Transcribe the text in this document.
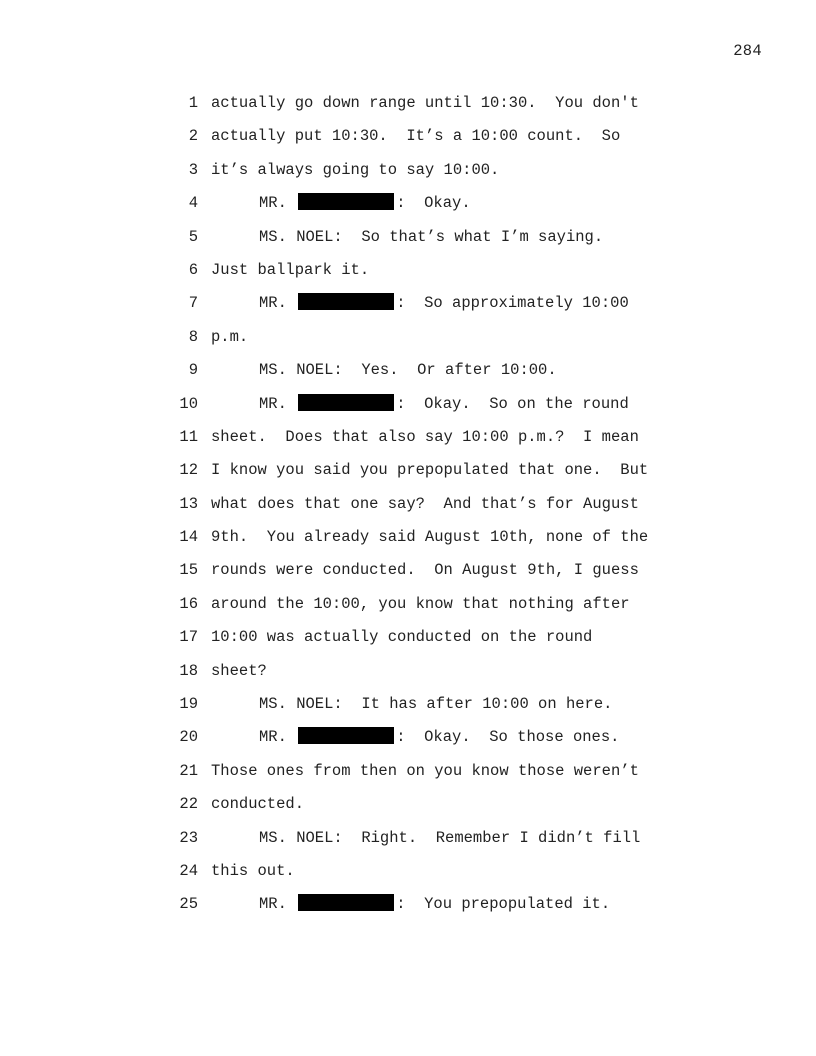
284
1 actually go down range until 10:30.  You don't
2 actually put 10:30.  It’s a 10:00 count.  So
3 it’s always going to say 10:00.
4	MR.	:  Okay.
5	MS. NOEL:  So that’s what I’m saying.
6 Just ballpark it.
7	MR.	:  So approximately 10:00
8 p.m.
9	MS. NOEL:  Yes.  Or after 10:00.
10	MR.	:  Okay.  So on the round
11 sheet.  Does that also say 10:00 p.m.?  I mean
12 I know you said you prepopulated that one.  But
13 what does that one say?  And that’s for August
14 9th.  You already said August 10th, none of the
15 rounds were conducted.  On August 9th, I guess
16 around the 10:00, you know that nothing after
17 10:00 was actually conducted on the round
18 sheet?
19	MS. NOEL:  It has after 10:00 on here.
20	MR.	:  Okay.  So those ones.
21 Those ones from then on you know those weren’t
22 conducted.
23	MS. NOEL:  Right.  Remember I didn’t fill
24 this out.
25	MR.	:  You prepopulated it.
